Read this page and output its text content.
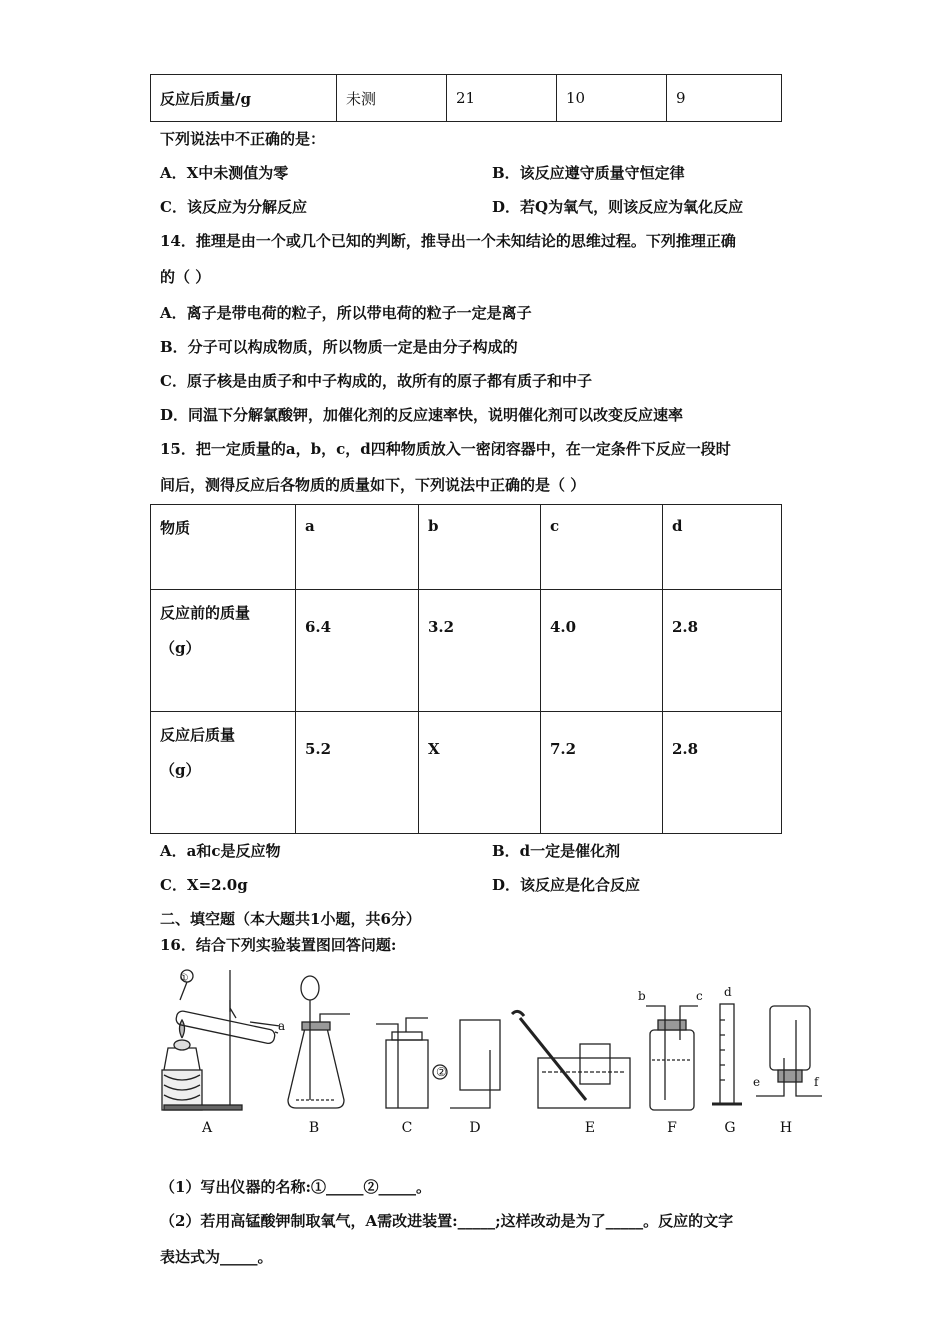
反应后质量/g	未测	21	10	9
下列说法中不正确的是：
A．X中未测值为零	B．该反应遵守质量守恒定律
C．该反应为分解反应	D．若Q为氧气，则该反应为氧化反应
14．推理是由一个或几个已知的判断，推导出一个未知结论的思维过程。下列推理正确
的（ ）
A．离子是带电荷的粒子，所以带电荷的粒子一定是离子
B．分子可以构成物质，所以物质一定是由分子构成的
C．原子核是由质子和中子构成的，故所有的原子都有质子和中子
D．同温下分解氯酸钾，加催化剂的反应速率快，说明催化剂可以改变反应速率
15．把一定质量的a，b，c，d四种物质放入一密闭容器中，在一定条件下反应一段时
间后，测得反应后各物质的质量如下，下列说法中正确的是（ ）
物质	a	b	c	d

反应前的质量
（g）	6.4	3.2	4.0	2.8

反应后质量
（g）	5.2	X	7.2	2.8
A．a和c是反应物	B．d一定是催化剂
C．X=2.0g	D．该反应是化合反应
二、填空题（本大题共1小题，共6分）
16．结合下列实验装置图回答问题:
①
a
②
b	c d
e	f
A	B	C	D	E	F	G	H
（1）写出仪器的名称:①_____②_____。
（2）若用高锰酸钾制取氧气，A需改进装置:_____;这样改动是为了_____。反应的文字
表达式为_____。
